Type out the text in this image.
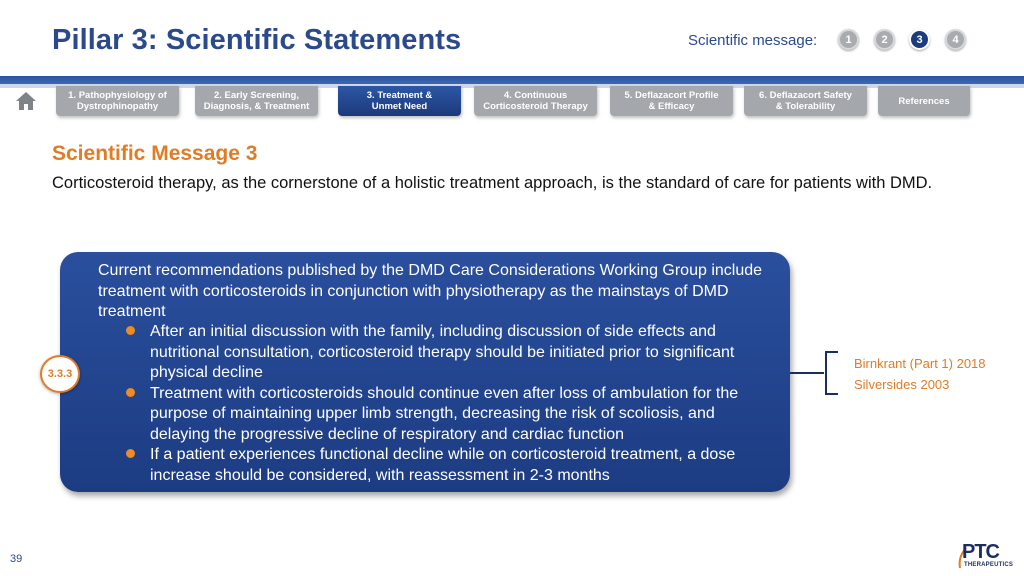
Pillar 3: Scientific Statements	Scientific message:	1	2	3	4
1. Pathophysiology of
Dystrophinopathy
2. Early Screening,
Diagnosis, & Treatment
3. Treatment &
Unmet Need
4. Continuous
Corticosteroid Therapy
5. Deflazacort Profile
& Efficacy
6. Deflazacort Safety
& Tolerability	References
Scientific Message 3
Corticosteroid therapy, as the cornerstone of a holistic treatment approach, is the standard of care for patients with DMD.
Current recommendations published by the DMD Care Considerations Working Group include treatment with corticosteroids in conjunction with physiotherapy as the mainstays of DMD treatment
After an initial discussion with the family, including discussion of side effects and nutritional consultation, corticosteroid therapy should be initiated prior to significant physical decline
Treatment with corticosteroids should continue even after loss of ambulation for the purpose of maintaining upper limb strength, decreasing the risk of scoliosis, and delaying the progressive decline of respiratory and cardiac function
If a patient experiences functional decline while on corticosteroid treatment, a dose increase should be considered, with reassessment in 2-3 months
3.3.3
Birnkrant (Part 1) 2018
Silversides 2003
39	PTC
THERAPEUTICS
